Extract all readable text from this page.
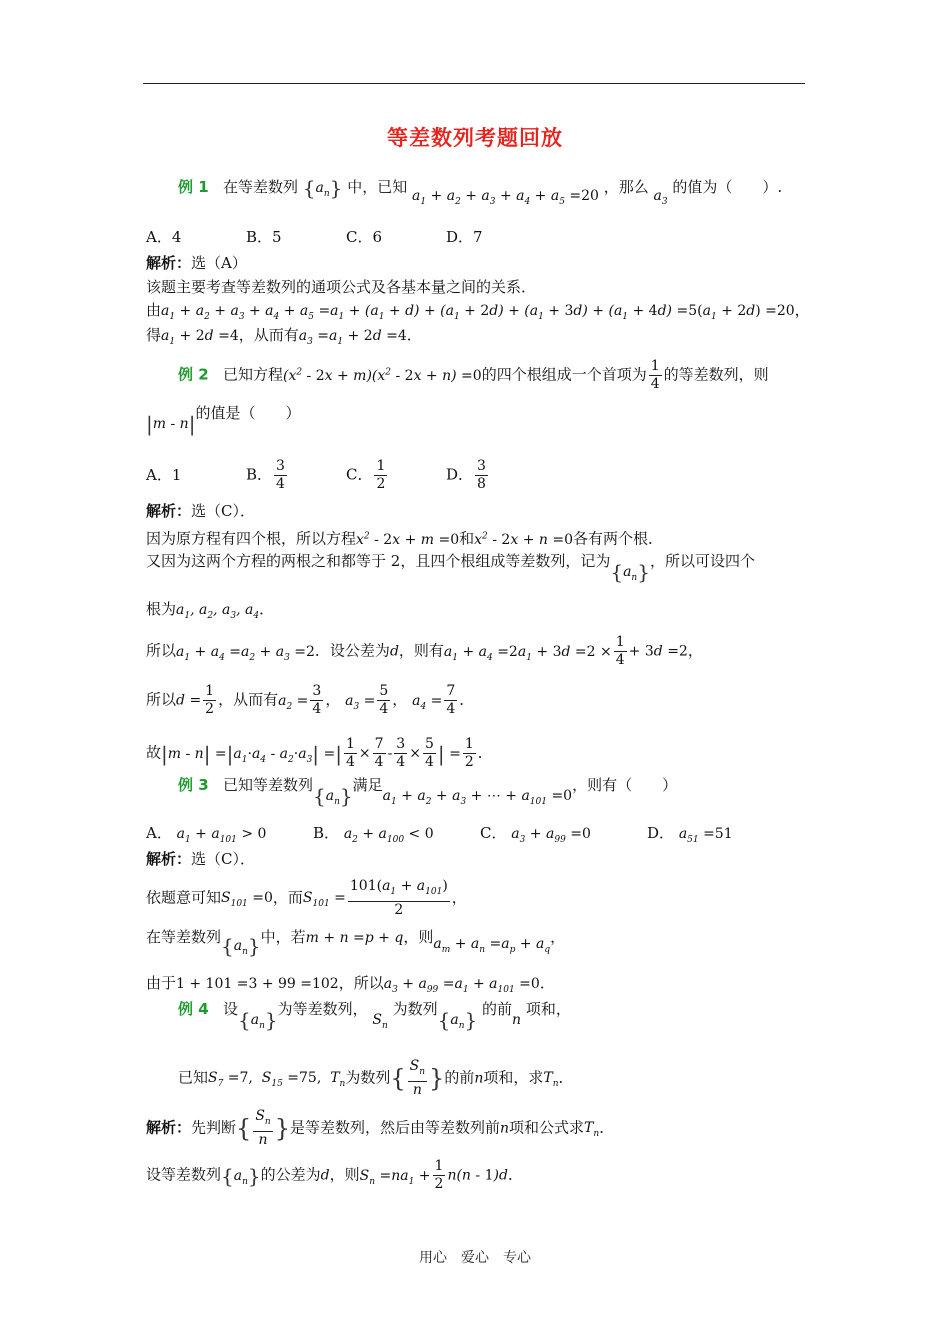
等差数列考题回放
例 1 在等差数列 $\{a_n\}$ 中，已知 $a_1 + a_2 + a_3 + a_4 + a_5 =20$ ，那么 $a_3$ 的值为（　　）.
A．4	B．5	C．6	D．7
解析：选（A）
该题主要考查等差数列的通项公式及各基本量之间的关系．
由$a_1 + a_2 + a_3 + a_4 + a_5 =a_1 + (a_1 + d) + (a_1 + 2d) + (a_1 + 3d) + (a_1 + 4d) =5(a_1 + 2d) =20$，
得$a_1 + 2d =4$，从而有$a_3 =a_1 + 2d =4$．
例 2 已知方程$(x^2 - 2x + m)(x^2 - 2x + n) =0$的四个根组成一个首项为 $\frac{1}{4}$ 的等差数列，则
|m - n|的值是（　　）
A．1	B． $\frac{3}{4}$	C． $\frac{1}{2}$	D． $\frac{3}{8}$
解析：选（C）．
因为原方程有四个根，所以方程$x^2 - 2x + m =0$和$x^2 - 2x + n =0$各有两个根．
又因为这两个方程的两根之和都等于 2，且四个根组成等差数列，记为$\{a_n\}$，所以可设四个
根为$a_1$, $a_2$, $a_3$, $a_4$．
所以$a_1 + a_4 =a_2 + a_3 =2$．设公差为d，则有$a_1 + a_4 =2a_1 + 3d =2 \times \frac{1}{4} + 3d =2$，
所以$d = \frac{1}{2}$ ，从而有$a_2 = \frac{3}{4}$ ， $a_3 = \frac{5}{4}$ ， $a_4 = \frac{7}{4}$ ．
故$|m - n| =|a_1\cdot a_4 - a_2\cdot a_3|$ =| $\frac{1}{4} \times \frac{7}{4} - \frac{3}{4} \times \frac{5}{4}$ | = $\frac{1}{2}$ ．
例 3 已知等差数列$\{a_n\}$满足$a_1 + a_2 + a_3$ + ⋯ + $a_{101} =0$，则有（　　）
A． $a_1 + a_{101} > 0$	B． $a_2 + a_{100} < 0$	C． $a_3 + a_{99} =0$	D． $a_{51} =51$
解析：选（C）．
依题意可知$S_{101} =0$，而$S_{101} = \frac{101(a_1 + a_{101})}{2}$ ，
在等差数列$\{a_n\}$中，若m + n =p + q，则$a_m + a_n =a_p + a_q$，
由于1 + 101 =3 + 99 =102，所以$a_3 + a_{99} =a_1 + a_{101} =0$．
例 4 设$\{a_n\}$为等差数列， $S_n$ 为数列$\{a_n\}$ 的前n 项和，
已知$S_7 =7$,  $S_{15} =75$,  $T_n$为数列{ $\frac{S_n}{n}$ }的前n项和，求$T_n$．
解析：先判断{ $\frac{S_n}{n}$ }是等差数列，然后由等差数列前n项和公式求$T_n$．
设等差数列$\{a_n\}$的公差为d，则$S_n =na_1 + \frac{1}{2} n(n - 1)d$．
用心　爱心　专心
